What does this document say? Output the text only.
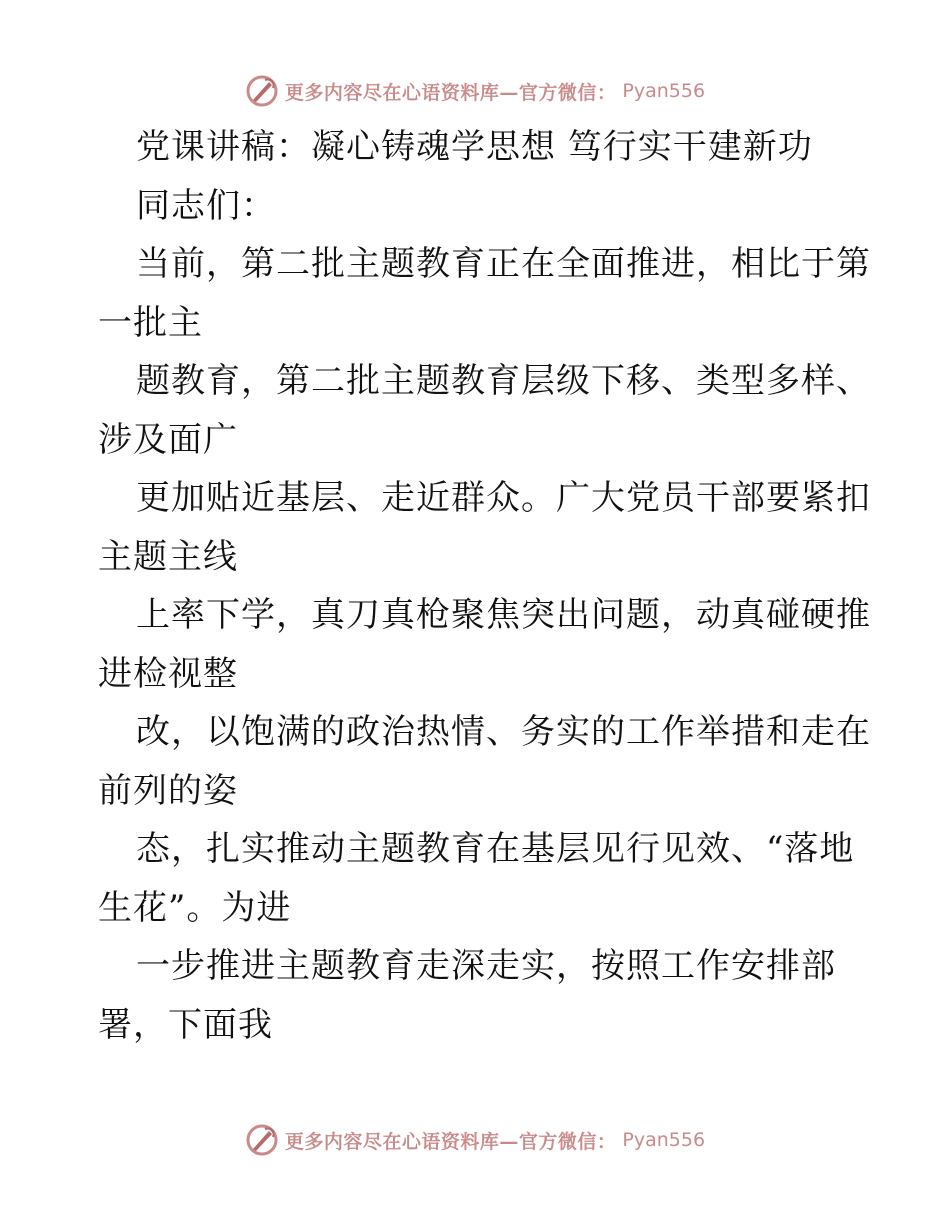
更多内容尽在心语资料库—官方微信： Pyan556
党课讲稿：凝心铸魂学思想 笃行实干建新功
同志们：
当前，第二批主题教育正在全面推进，相比于第
一批主
题教育，第二批主题教育层级下移、类型多样、
涉及面广
更加贴近基层、走近群众。广大党员干部要紧扣
主题主线
上率下学，真刀真枪聚焦突出问题，动真碰硬推
进检视整
改，以饱满的政治热情、务实的工作举措和走在
前列的姿
态，扎实推动主题教育在基层见行见效、“落地
生花”。为进
一步推进主题教育走深走实，按照工作安排部
署，下面我
更多内容尽在心语资料库—官方微信： Pyan556
